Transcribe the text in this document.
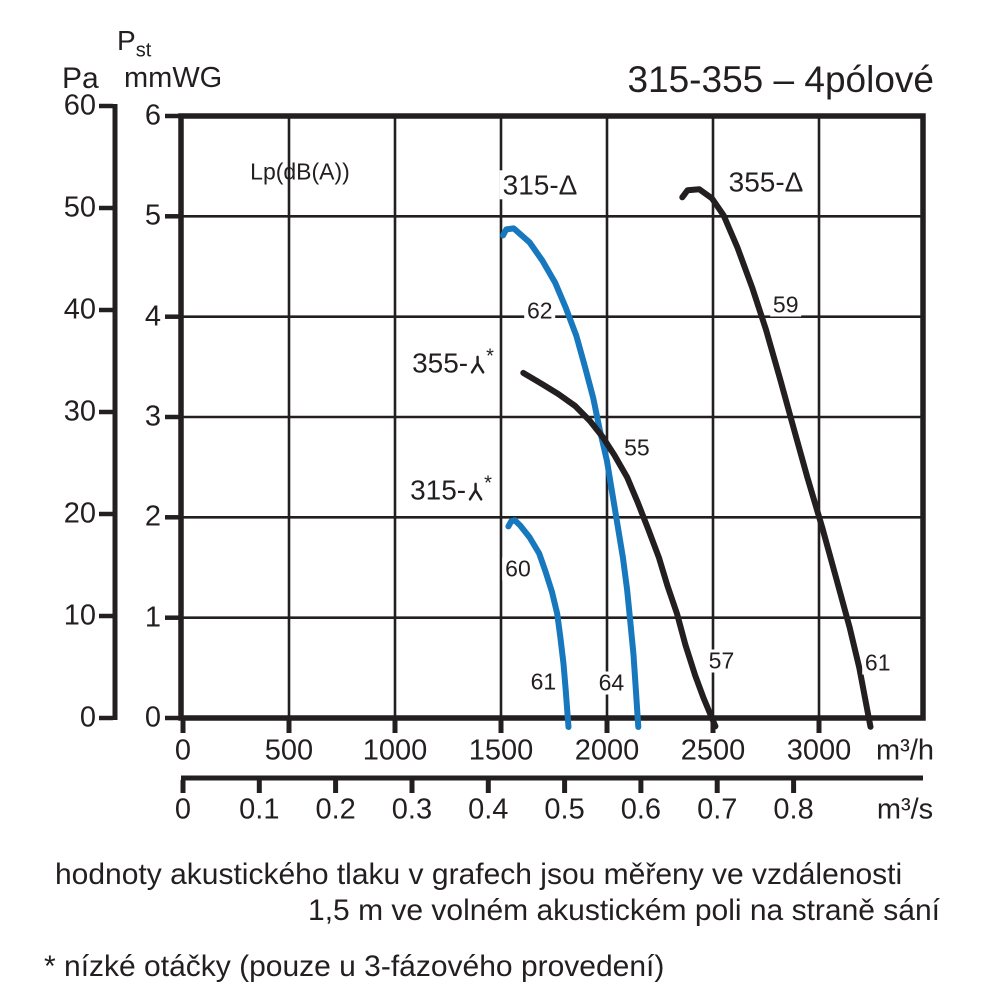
60
50
40
30
20
10
0
6
5
4
3
2
1
0
0	500 1000 1500 2000 2500 3000
0 0.1 0.2 0.3 0.4 0.5 0.6 0.7 0.8
62	59
55
60
61 64
57	61
315-355 – 4pólové
Pa
$P_{st}$
mmWG
Lp(dB(A))	315-Δ	355-Δ
355- *
315- *
m³/h
m³/s
hodnoty akustického tlaku v grafech jsou měřeny ve vzdálenosti
1,5 m ve volném akustickém poli na straně sání
* nízké otáčky (pouze u 3-fázového provedení)
